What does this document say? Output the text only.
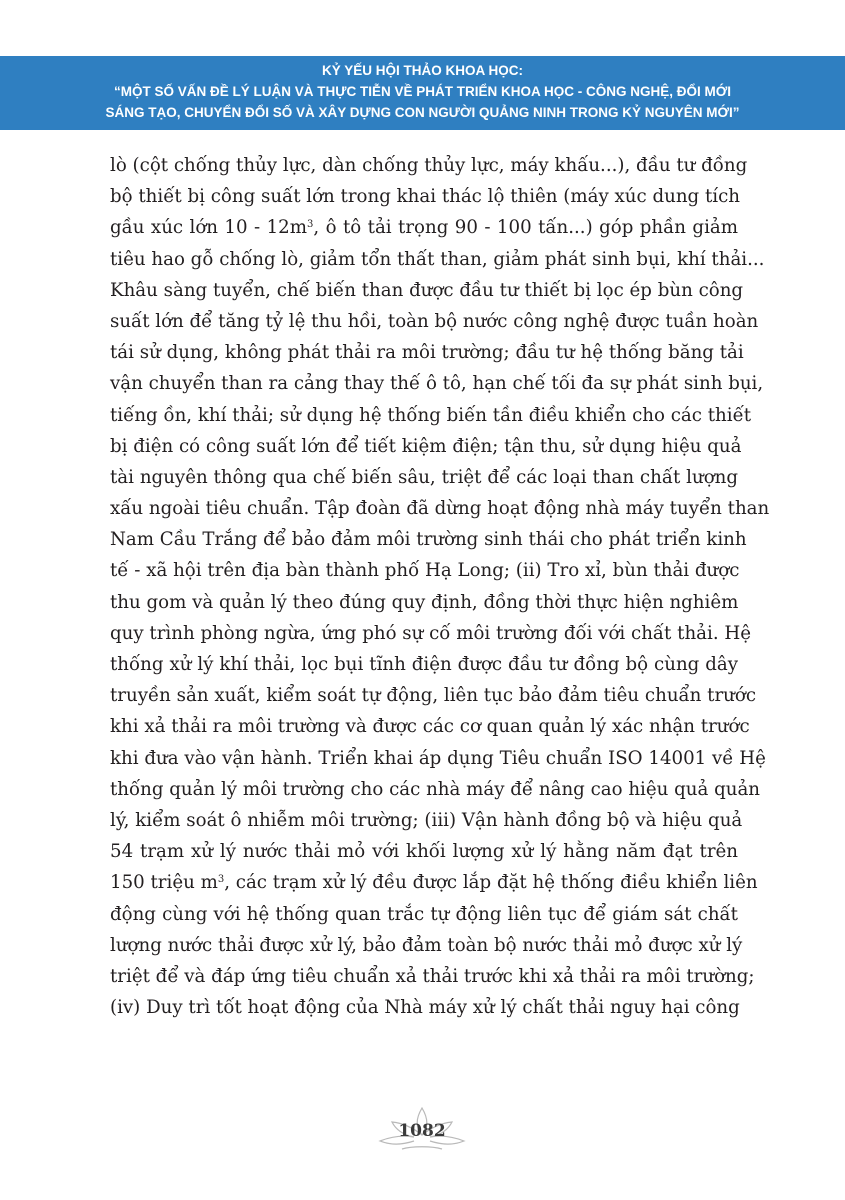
KỶ YẾU HỘI THẢO KHOA HỌC:
“MỘT SỐ VẤN ĐỀ LÝ LUẬN VÀ THỰC TIỄN VỀ PHÁT TRIỂN KHOA HỌC - CÔNG NGHỆ, ĐỔI MỚI
SÁNG TẠO, CHUYỂN ĐỔI SỐ VÀ XÂY DỰNG CON NGƯỜI QUẢNG NINH TRONG KỶ NGUYÊN MỚI”
lò (cột chống thủy lực, dàn chống thủy lực, máy khấu...), đầu tư đồng
bộ thiết bị công suất lớn trong khai thác lộ thiên (máy xúc dung tích
gầu xúc lớn $10 - 12m^3$, ô tô tải trọng 90 - 100 tấn...) góp phần giảm
tiêu hao gỗ chống lò, giảm tổn thất than, giảm phát sinh bụi, khí thải...
Khâu sàng tuyển, chế biến than được đầu tư thiết bị lọc ép bùn công
suất lớn để tăng tỷ lệ thu hồi, toàn bộ nước công nghệ được tuần hoàn
tái sử dụng, không phát thải ra môi trường; đầu tư hệ thống băng tải
vận chuyển than ra cảng thay thế ô tô, hạn chế tối đa sự phát sinh bụi,
tiếng ồn, khí thải; sử dụng hệ thống biến tần điều khiển cho các thiết
bị điện có công suất lớn để tiết kiệm điện; tận thu, sử dụng hiệu quả
tài nguyên thông qua chế biến sâu, triệt để các loại than chất lượng
xấu ngoài tiêu chuẩn. Tập đoàn đã dừng hoạt động nhà máy tuyển than
Nam Cầu Trắng để bảo đảm môi trường sinh thái cho phát triển kinh
tế - xã hội trên địa bàn thành phố Hạ Long; (ii) Tro xỉ, bùn thải được
thu gom và quản lý theo đúng quy định, đồng thời thực hiện nghiêm
quy trình phòng ngừa, ứng phó sự cố môi trường đối với chất thải. Hệ
thống xử lý khí thải, lọc bụi tĩnh điện được đầu tư đồng bộ cùng dây
truyền sản xuất, kiểm soát tự động, liên tục bảo đảm tiêu chuẩn trước
khi xả thải ra môi trường và được các cơ quan quản lý xác nhận trước
khi đưa vào vận hành. Triển khai áp dụng Tiêu chuẩn ISO 14001 về Hệ
thống quản lý môi trường cho các nhà máy để nâng cao hiệu quả quản
lý, kiểm soát ô nhiễm môi trường; (iii) Vận hành đồng bộ và hiệu quả
54 trạm xử lý nước thải mỏ với khối lượng xử lý hằng năm đạt trên
150 triệu $m^3$, các trạm xử lý đều được lắp đặt hệ thống điều khiển liên
động cùng với hệ thống quan trắc tự động liên tục để giám sát chất
lượng nước thải được xử lý, bảo đảm toàn bộ nước thải mỏ được xử lý
triệt để và đáp ứng tiêu chuẩn xả thải trước khi xả thải ra môi trường;
(iv) Duy trì tốt hoạt động của Nhà máy xử lý chất thải nguy hại công
1082
